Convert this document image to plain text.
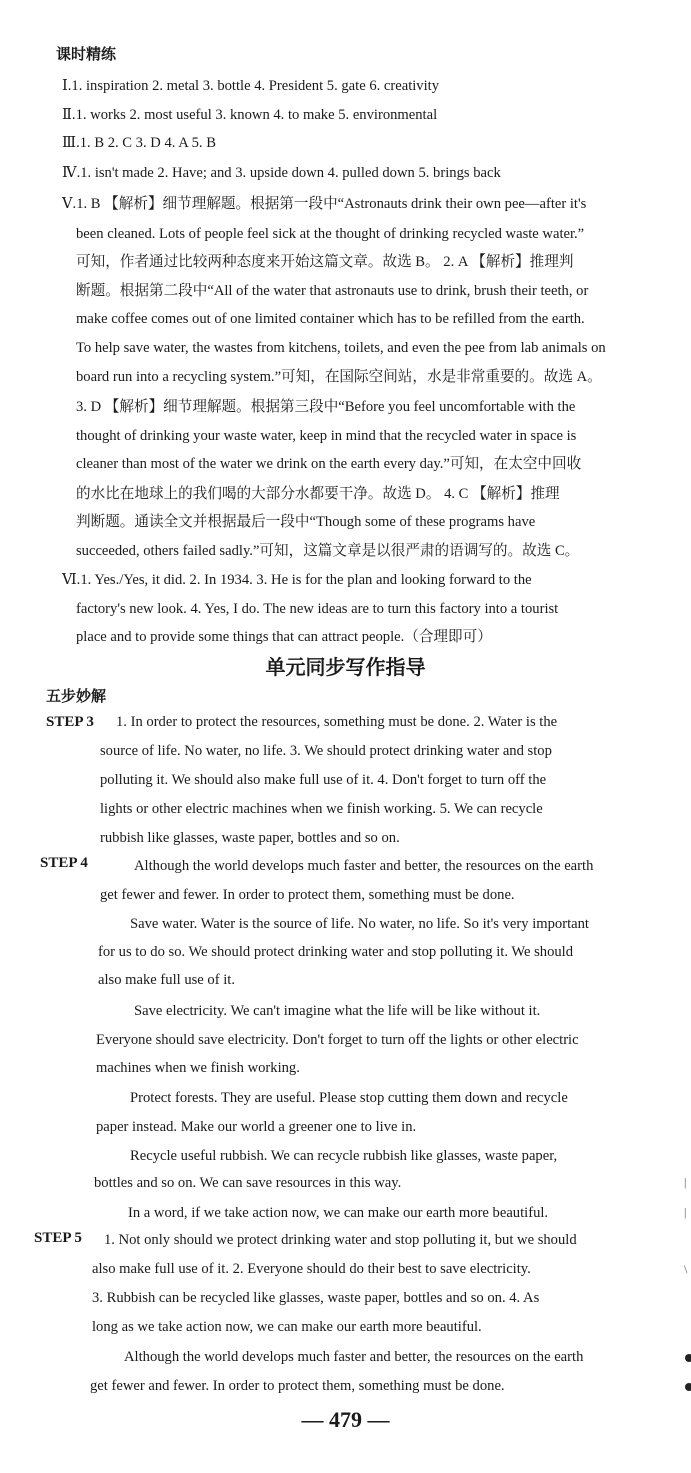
课时精练
Ⅰ.1. inspiration 2. metal 3. bottle 4. President 5. gate 6. creativity
Ⅱ.1. works 2. most useful 3. known 4. to make 5. environmental
Ⅲ.1. B 2. C 3. D 4. A 5. B
Ⅳ.1. isn't made 2. Have; and 3. upside down 4. pulled down 5. brings back
Ⅴ.1. B 【解析】细节理解题。根据第一段中“Astronauts drink their own pee—after it's
been cleaned. Lots of people feel sick at the thought of drinking recycled waste water.”
可知，作者通过比较两种态度来开始这篇文章。故选 B。 2. A 【解析】推理判
断题。根据第二段中“All of the water that astronauts use to drink, brush their teeth, or
make coffee comes out of one limited container which has to be refilled from the earth.
To help save water, the wastes from kitchens, toilets, and even the pee from lab animals on
board run into a recycling system.”可知，在国际空间站，水是非常重要的。故选 A。
3. D 【解析】细节理解题。根据第三段中“Before you feel uncomfortable with the
thought of drinking your waste water, keep in mind that the recycled water in space is
cleaner than most of the water we drink on the earth every day.”可知，在太空中回收
的水比在地球上的我们喝的大部分水都要干净。故选 D。 4. C 【解析】推理
判断题。通读全文并根据最后一段中“Though some of these programs have
succeeded, others failed sadly.”可知，这篇文章是以很严肃的语调写的。故选 C。
Ⅵ.1. Yes./Yes, it did. 2. In 1934. 3. He is for the plan and looking forward to the
factory's new look. 4. Yes, I do. The new ideas are to turn this factory into a tourist
place and to provide some things that can attract people.（合理即可）
单元同步写作指导
五步妙解
STEP 3 1. In order to protect the resources, something must be done. 2. Water is the
source of life. No water, no life. 3. We should protect drinking water and stop
polluting it. We should also make full use of it. 4. Don't forget to turn off the
lights or other electric machines when we finish working. 5. We can recycle
rubbish like glasses, waste paper, bottles and so on.
STEP 4	Although the world develops much faster and better, the resources on the earth
get fewer and fewer. In order to protect them, something must be done.
Save water. Water is the source of life. No water, no life. So it's very important
for us to do so. We should protect drinking water and stop polluting it. We should
also make full use of it.
Save electricity. We can't imagine what the life will be like without it.
Everyone should save electricity. Don't forget to turn off the lights or other electric
machines when we finish working.
Protect forests. They are useful. Please stop cutting them down and recycle
paper instead. Make our world a greener one to live in.
Recycle useful rubbish. We can recycle rubbish like glasses, waste paper,
bottles and so on. We can save resources in this way.
In a word, if we take action now, we can make our earth more beautiful.
STEP 5 1. Not only should we protect drinking water and stop polluting it, but we should
also make full use of it. 2. Everyone should do their best to save electricity.
3. Rubbish can be recycled like glasses, waste paper, bottles and so on. 4. As
long as we take action now, we can make our earth more beautiful.
Although the world develops much faster and better, the resources on the earth
get fewer and fewer. In order to protect them, something must be done.
— 479 —
|
|
\
